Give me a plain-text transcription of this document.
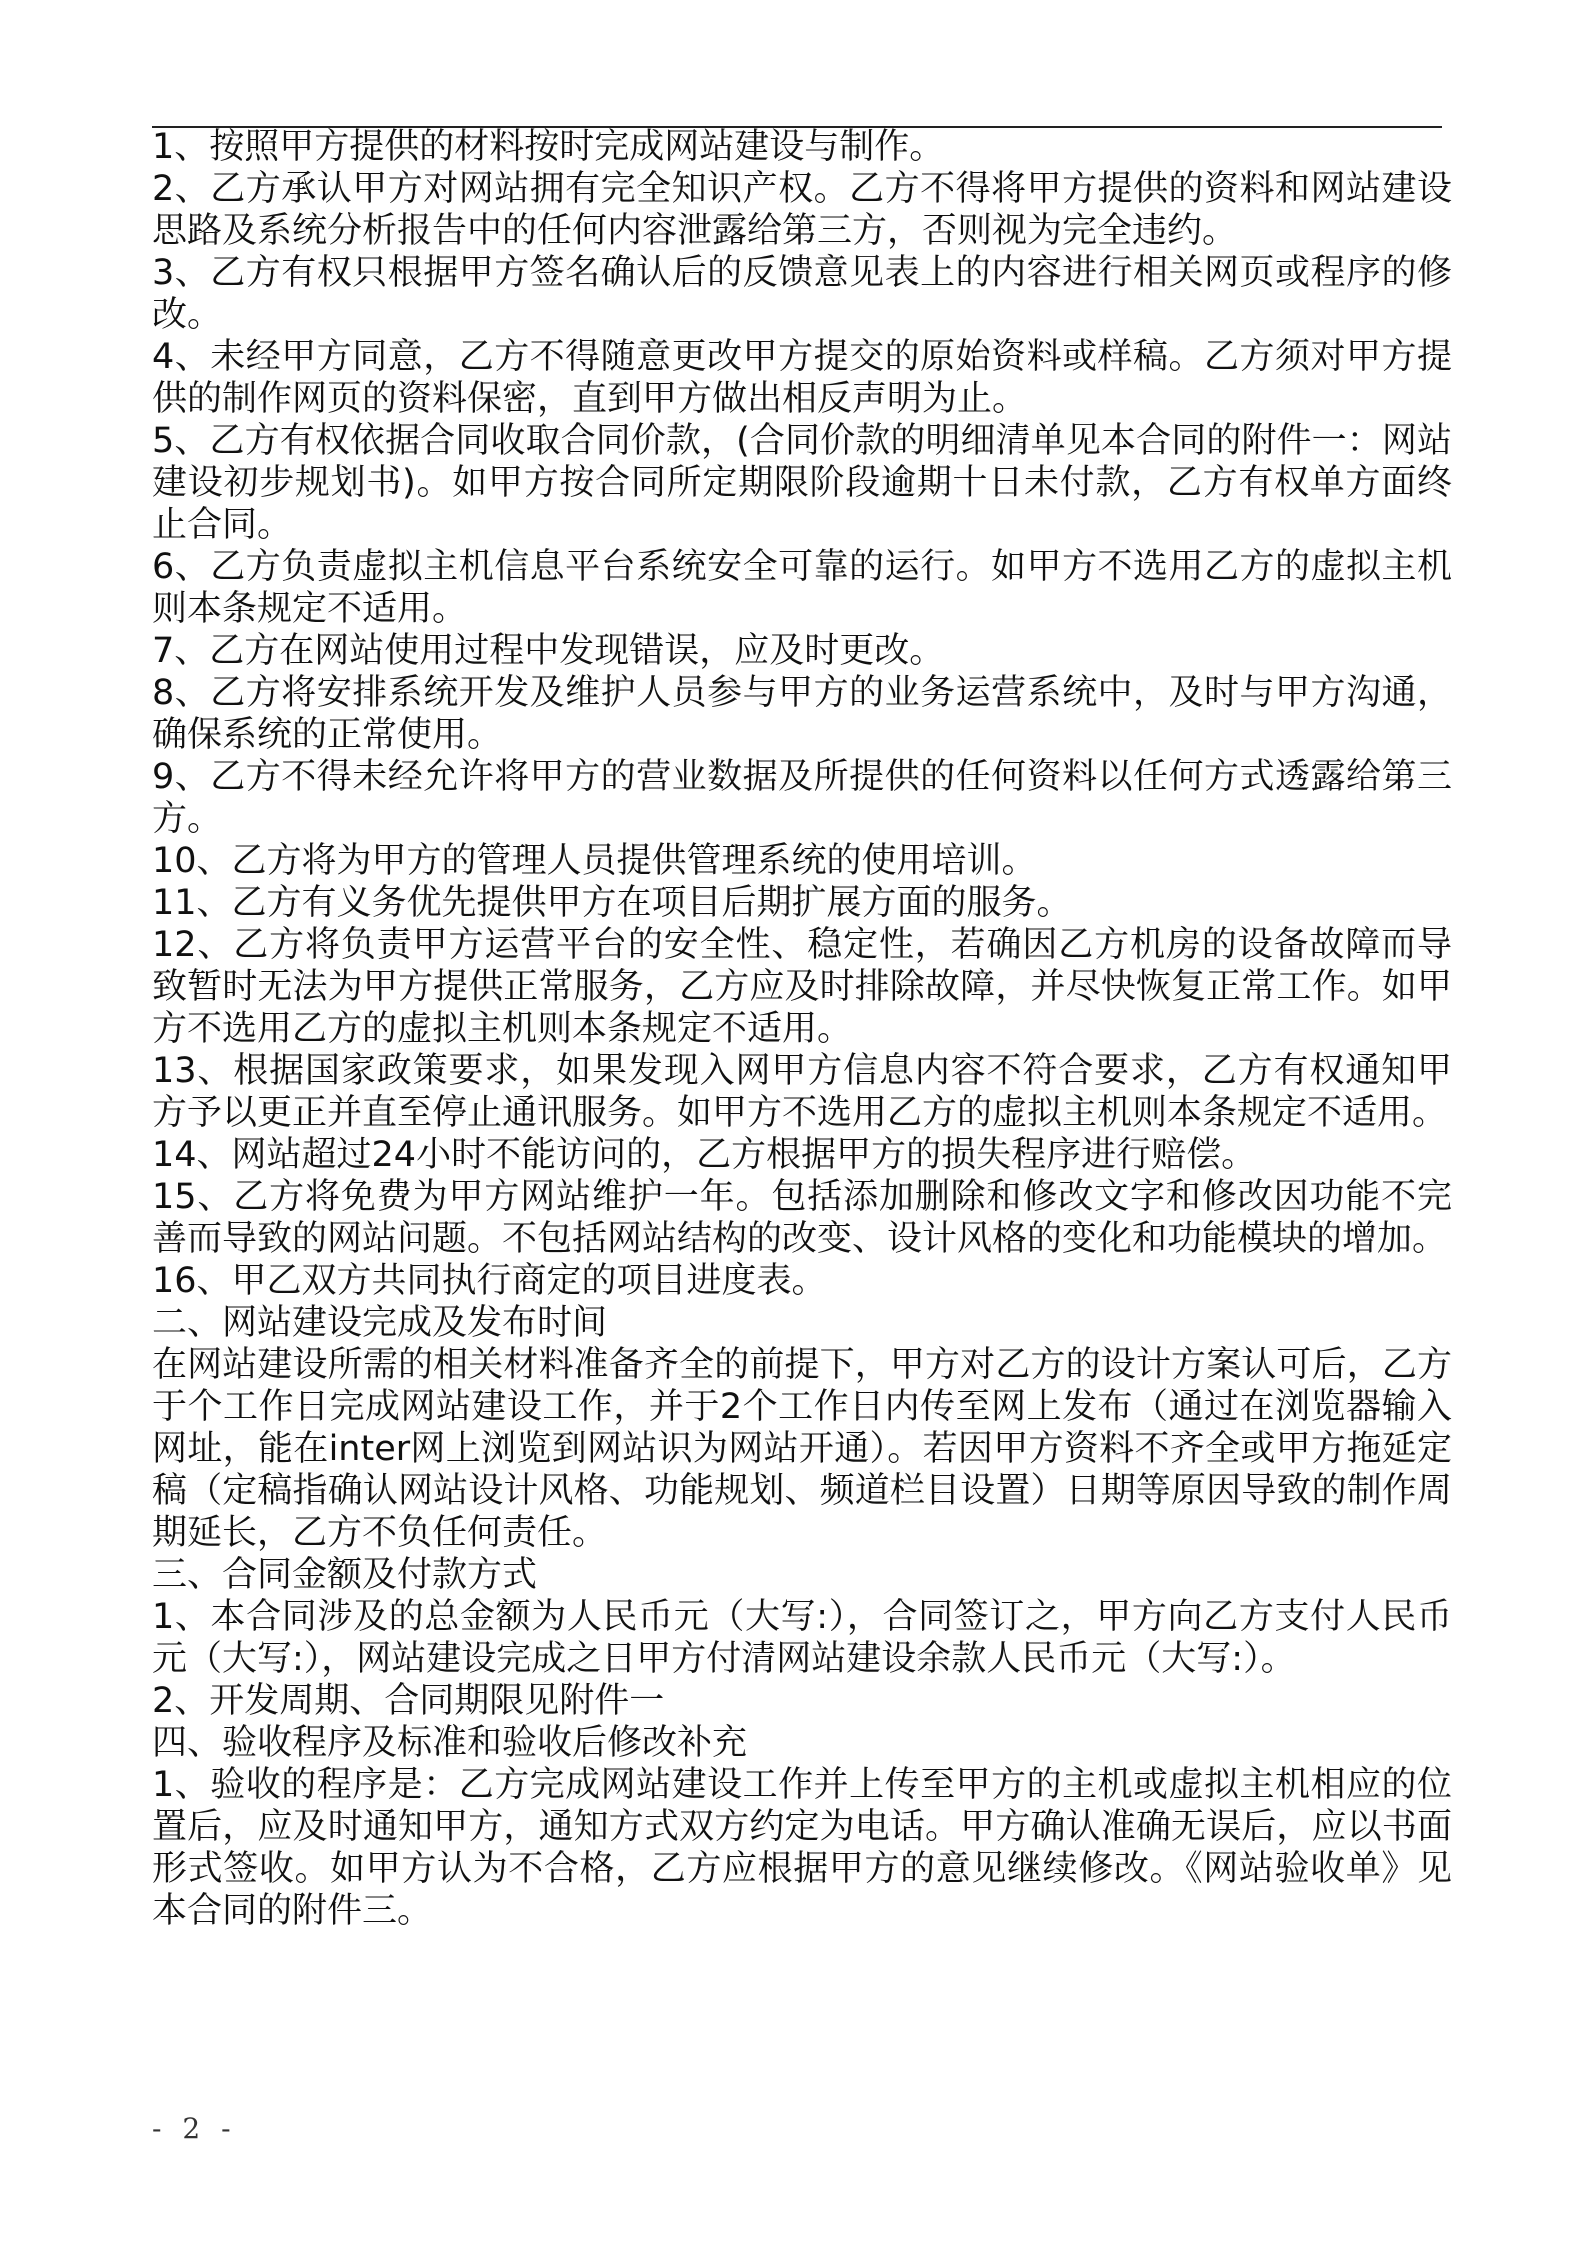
1、按照甲方提供的材料按时完成网站建设与制作。

2、乙方承认甲方对网站拥有完全知识产权。乙方不得将甲方提供的资料和网站建设思路及系统分析报告中的任何内容泄露给第三方，否则视为完全违约。

3、乙方有权只根据甲方签名确认后的反馈意见表上的内容进行相关网页或程序的修改。

4、未经甲方同意，乙方不得随意更改甲方提交的原始资料或样稿。乙方须对甲方提供的制作网页的资料保密，直到甲方做出相反声明为止。

5、乙方有权依据合同收取合同价款，(合同价款的明细清单见本合同的附件一：网站建设初步规划书)。如甲方按合同所定期限阶段逾期十日未付款，乙方有权单方面终止合同。

6、乙方负责虚拟主机信息平台系统安全可靠的运行。如甲方不选用乙方的虚拟主机则本条规定不适用。

7、乙方在网站使用过程中发现错误，应及时更改。

8、乙方将安排系统开发及维护人员参与甲方的业务运营系统中，及时与甲方沟通，确保系统的正常使用。

9、乙方不得未经允许将甲方的营业数据及所提供的任何资料以任何方式透露给第三方。

10、乙方将为甲方的管理人员提供管理系统的使用培训。

11、乙方有义务优先提供甲方在项目后期扩展方面的服务。

12、乙方将负责甲方运营平台的安全性、稳定性，若确因乙方机房的设备故障而导致暂时无法为甲方提供正常服务，乙方应及时排除故障，并尽快恢复正常工作。如甲方不选用乙方的虚拟主机则本条规定不适用。

13、根据国家政策要求，如果发现入网甲方信息内容不符合要求，乙方有权通知甲方予以更正并直至停止通讯服务。如甲方不选用乙方的虚拟主机则本条规定不适用。

14、网站超过24小时不能访问的，乙方根据甲方的损失程序进行赔偿。

15、乙方将免费为甲方网站维护一年。包括添加删除和修改文字和修改因功能不完善而导致的网站问题。不包括网站结构的改变、设计风格的变化和功能模块的增加。

16、甲乙双方共同执行商定的项目进度表。

二、网站建设完成及发布时间

在网站建设所需的相关材料准备齐全的前提下，甲方对乙方的设计方案认可后，乙方于个工作日完成网站建设工作，并于2个工作日内传至网上发布（通过在浏览器输入网址，能在inter网上浏览到网站识为网站开通）。若因甲方资料不齐全或甲方拖延定稿（定稿指确认网站设计风格、功能规划、频道栏目设置）日期等原因导致的制作周期延长，乙方不负任何责任。

三、合同金额及付款方式

1、本合同涉及的总金额为人民币元（大写:），合同签订之，甲方向乙方支付人民币元（大写:），网站建设完成之日甲方付清网站建设余款人民币元（大写:）。

2、开发周期、合同期限见附件一

四、验收程序及标准和验收后修改补充

1、验收的程序是：乙方完成网站建设工作并上传至甲方的主机或虚拟主机相应的位置后，应及时通知甲方，通知方式双方约定为电话。甲方确认准确无误后，应以书面形式签收。如甲方认为不合格，乙方应根据甲方的意见继续修改。《网站验收单》见本合同的附件三。

- 2 -
